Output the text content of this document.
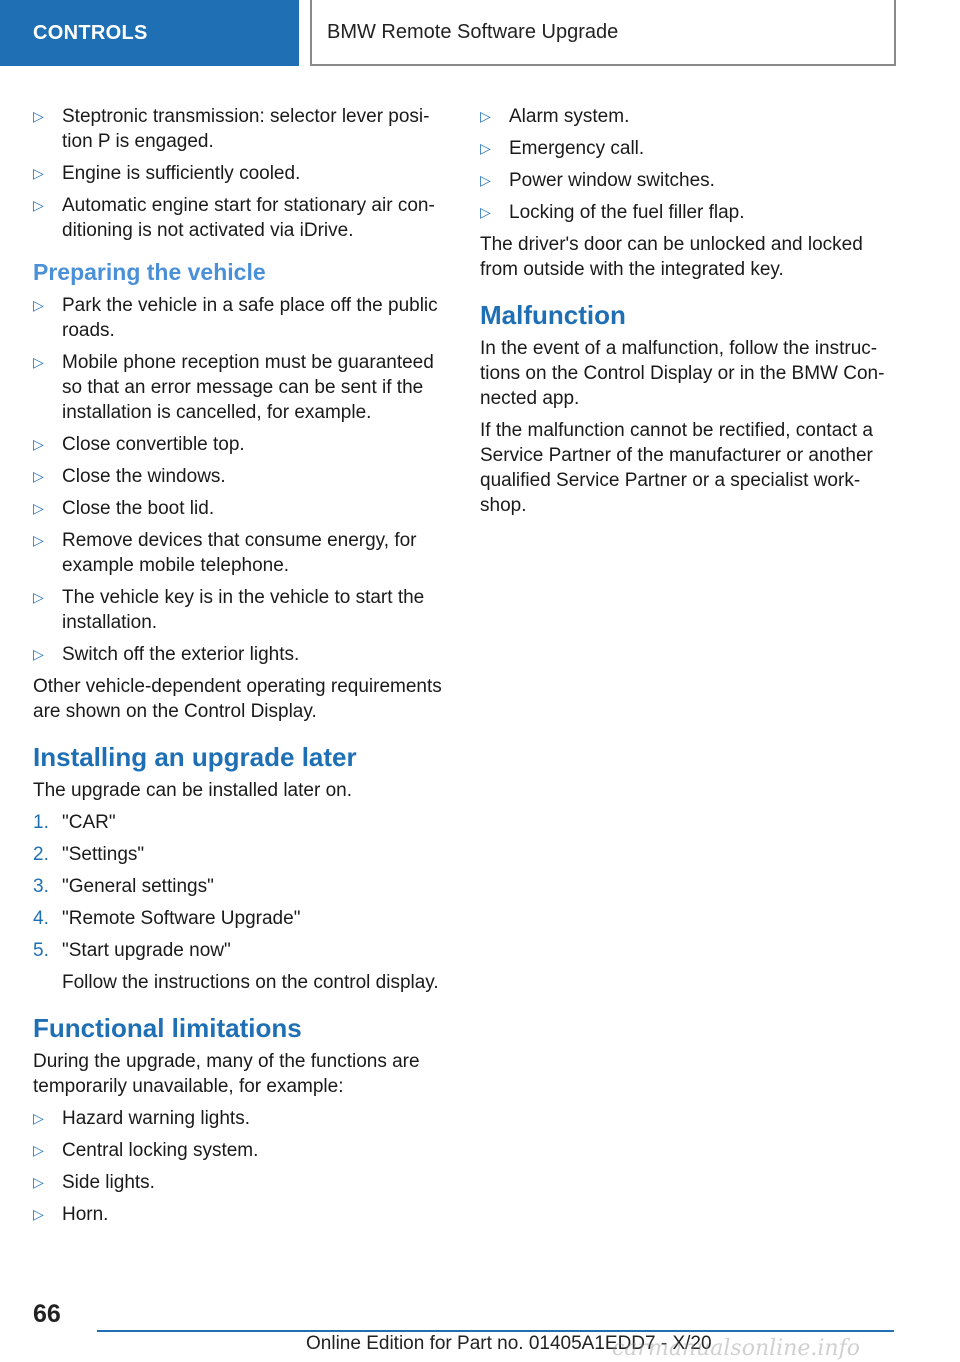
CONTROLS	BMW Remote Software Upgrade
▷ Steptronic transmission: selector lever position P is engaged.
▷ Engine is sufficiently cooled.
▷ Automatic engine start for stationary air conditioning is not activated via iDrive.
Preparing the vehicle
▷ Park the vehicle in a safe place off the public roads.
▷ Mobile phone reception must be guaranteed so that an error message can be sent if the installation is cancelled, for example.
▷ Close convertible top.
▷ Close the windows.
▷ Close the boot lid.
▷ Remove devices that consume energy, for example mobile telephone.
▷ The vehicle key is in the vehicle to start the installation.
▷ Switch off the exterior lights.

Other vehicle-dependent operating requirements are shown on the Control Display.

Installing an upgrade later

The upgrade can be installed later on.

1. "CAR"
2. "Settings"
3. "General settings"
4. "Remote Software Upgrade"
5. "Start upgrade now"
Follow the instructions on the control display.
Functional limitations

During the upgrade, many of the functions are temporarily unavailable, for example:

▷ Hazard warning lights.
▷ Central locking system.
▷ Side lights.
▷ Horn.
▷ Alarm system.
▷ Emergency call.
▷ Power window switches.
▷ Locking of the fuel filler flap.

The driver's door can be unlocked and locked from outside with the integrated key.

Malfunction

In the event of a malfunction, follow the instructions on the Control Display or in the BMW Connected app.

If the malfunction cannot be rectified, contact a Service Partner of the manufacturer or another qualified Service Partner or a specialist workshop.

66
Online Edition for Part no. 01405A1EDD7 - X/20
carmanualsonline.info
